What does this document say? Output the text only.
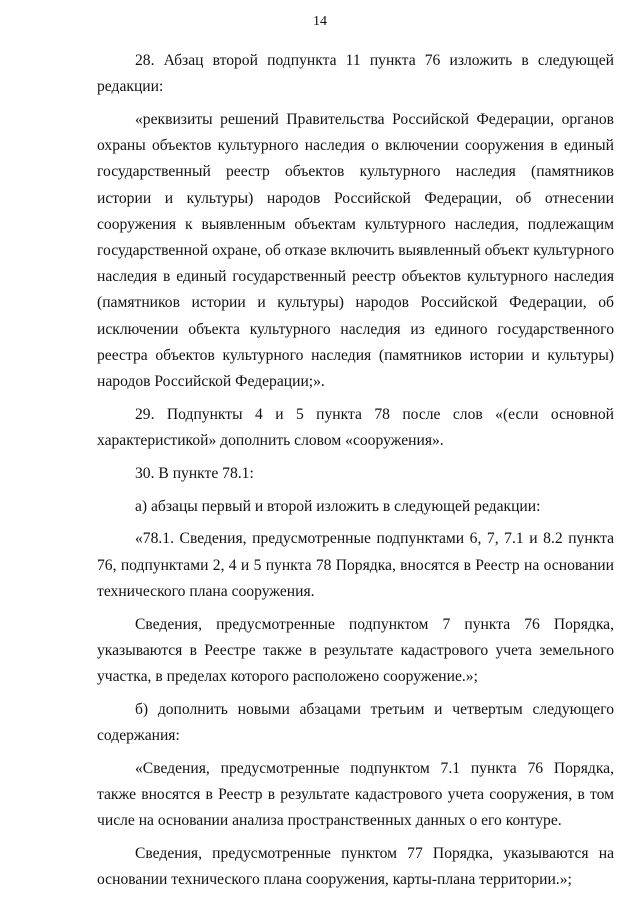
14

28. Абзац второй подпункта 11 пункта 76 изложить в следующей редакции:

«реквизиты решений Правительства Российской Федерации, органов охраны объектов культурного наследия о включении сооружения в единый государственный реестр объектов культурного наследия (памятников истории и культуры) народов Российской Федерации, об отнесении сооружения к выявленным объектам культурного наследия, подлежащим государственной охране, об отказе включить выявленный объект культурного наследия в единый государственный реестр объектов культурного наследия (памятников истории и культуры) народов Российской Федерации, об исключении объекта культурного наследия из единого государственного реестра объектов культурного наследия (памятников истории и культуры) народов Российской Федерации;».

29. Подпункты 4 и 5 пункта 78 после слов «(если основной характеристикой» дополнить словом «сооружения».

30. В пункте 78.1:

а) абзацы первый и второй изложить в следующей редакции:

«78.1. Сведения, предусмотренные подпунктами 6, 7, 7.1 и 8.2 пункта 76, подпунктами 2, 4 и 5 пункта 78 Порядка, вносятся в Реестр на основании технического плана сооружения.

Сведения, предусмотренные подпунктом 7 пункта 76 Порядка, указываются в Реестре также в результате кадастрового учета земельного участка, в пределах которого расположено сооружение.»;

б) дополнить новыми абзацами третьим и четвертым следующего содержания:

«Сведения, предусмотренные подпунктом 7.1 пункта 76 Порядка, также вносятся в Реестр в результате кадастрового учета сооружения, в том числе на основании анализа пространственных данных о его контуре.

Сведения, предусмотренные пунктом 77 Порядка, указываются на основании технического плана сооружения, карты-плана территории.»;
